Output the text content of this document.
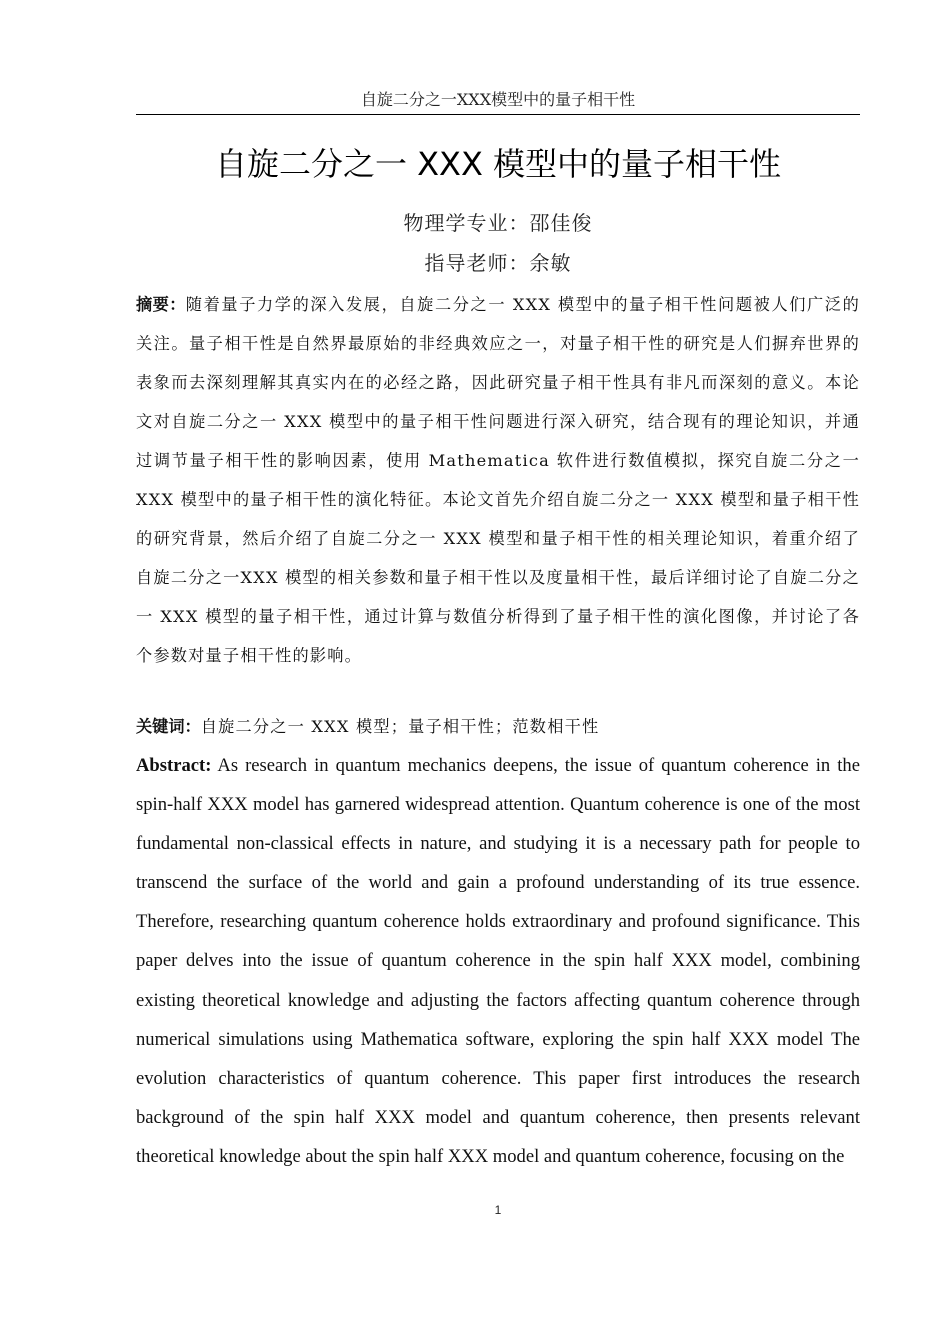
自旋二分之一XXX模型中的量子相干性
自旋二分之一 XXX 模型中的量子相干性
物理学专业：邵佳俊
指导老师：余敏

摘要：随着量子力学的深入发展，自旋二分之一 XXX 模型中的量子相干性问题被人们广泛的关注。量子相干性是自然界最原始的非经典效应之一，对量子相干性的研究是人们摒弃世界的表象而去深刻理解其真实内在的必经之路，因此研究量子相干性具有非凡而深刻的意义。本论文对自旋二分之一 XXX 模型中的量子相干性问题进行深入研究，结合现有的理论知识，并通过调节量子相干性的影响因素，使用 Mathematica 软件进行数值模拟，探究自旋二分之一 XXX 模型中的量子相干性的演化特征。本论文首先介绍自旋二分之一 XXX 模型和量子相干性的研究背景，然后介绍了自旋二分之一 XXX 模型和量子相干性的相关理论知识，着重介绍了自旋二分之一XXX 模型的相关参数和量子相干性以及度量相干性，最后详细讨论了自旋二分之一 XXX 模型的量子相干性，通过计算与数值分析得到了量子相干性的演化图像，并讨论了各个参数对量子相干性的影响。

关键词：自旋二分之一 XXX 模型；量子相干性；范数相干性

Abstract: As research in quantum mechanics deepens, the issue of quantum coherence in the spin-half XXX model has garnered widespread attention. Quantum coherence is one of the most fundamental non-classical effects in nature, and studying it is a necessary path for people to transcend the surface of the world and gain a profound understanding of its true essence. Therefore, researching quantum coherence holds extraordinary and profound significance. This paper delves into the issue of quantum coherence in the spin half XXX model, combining existing theoretical knowledge and adjusting the factors affecting quantum coherence through numerical simulations using Mathematica software, exploring the spin half XXX model The evolution characteristics of quantum coherence. This paper first introduces the research background of the spin half XXX model and quantum coherence, then presents relevant theoretical knowledge about the spin half XXX model and quantum coherence, focusing on the

1
